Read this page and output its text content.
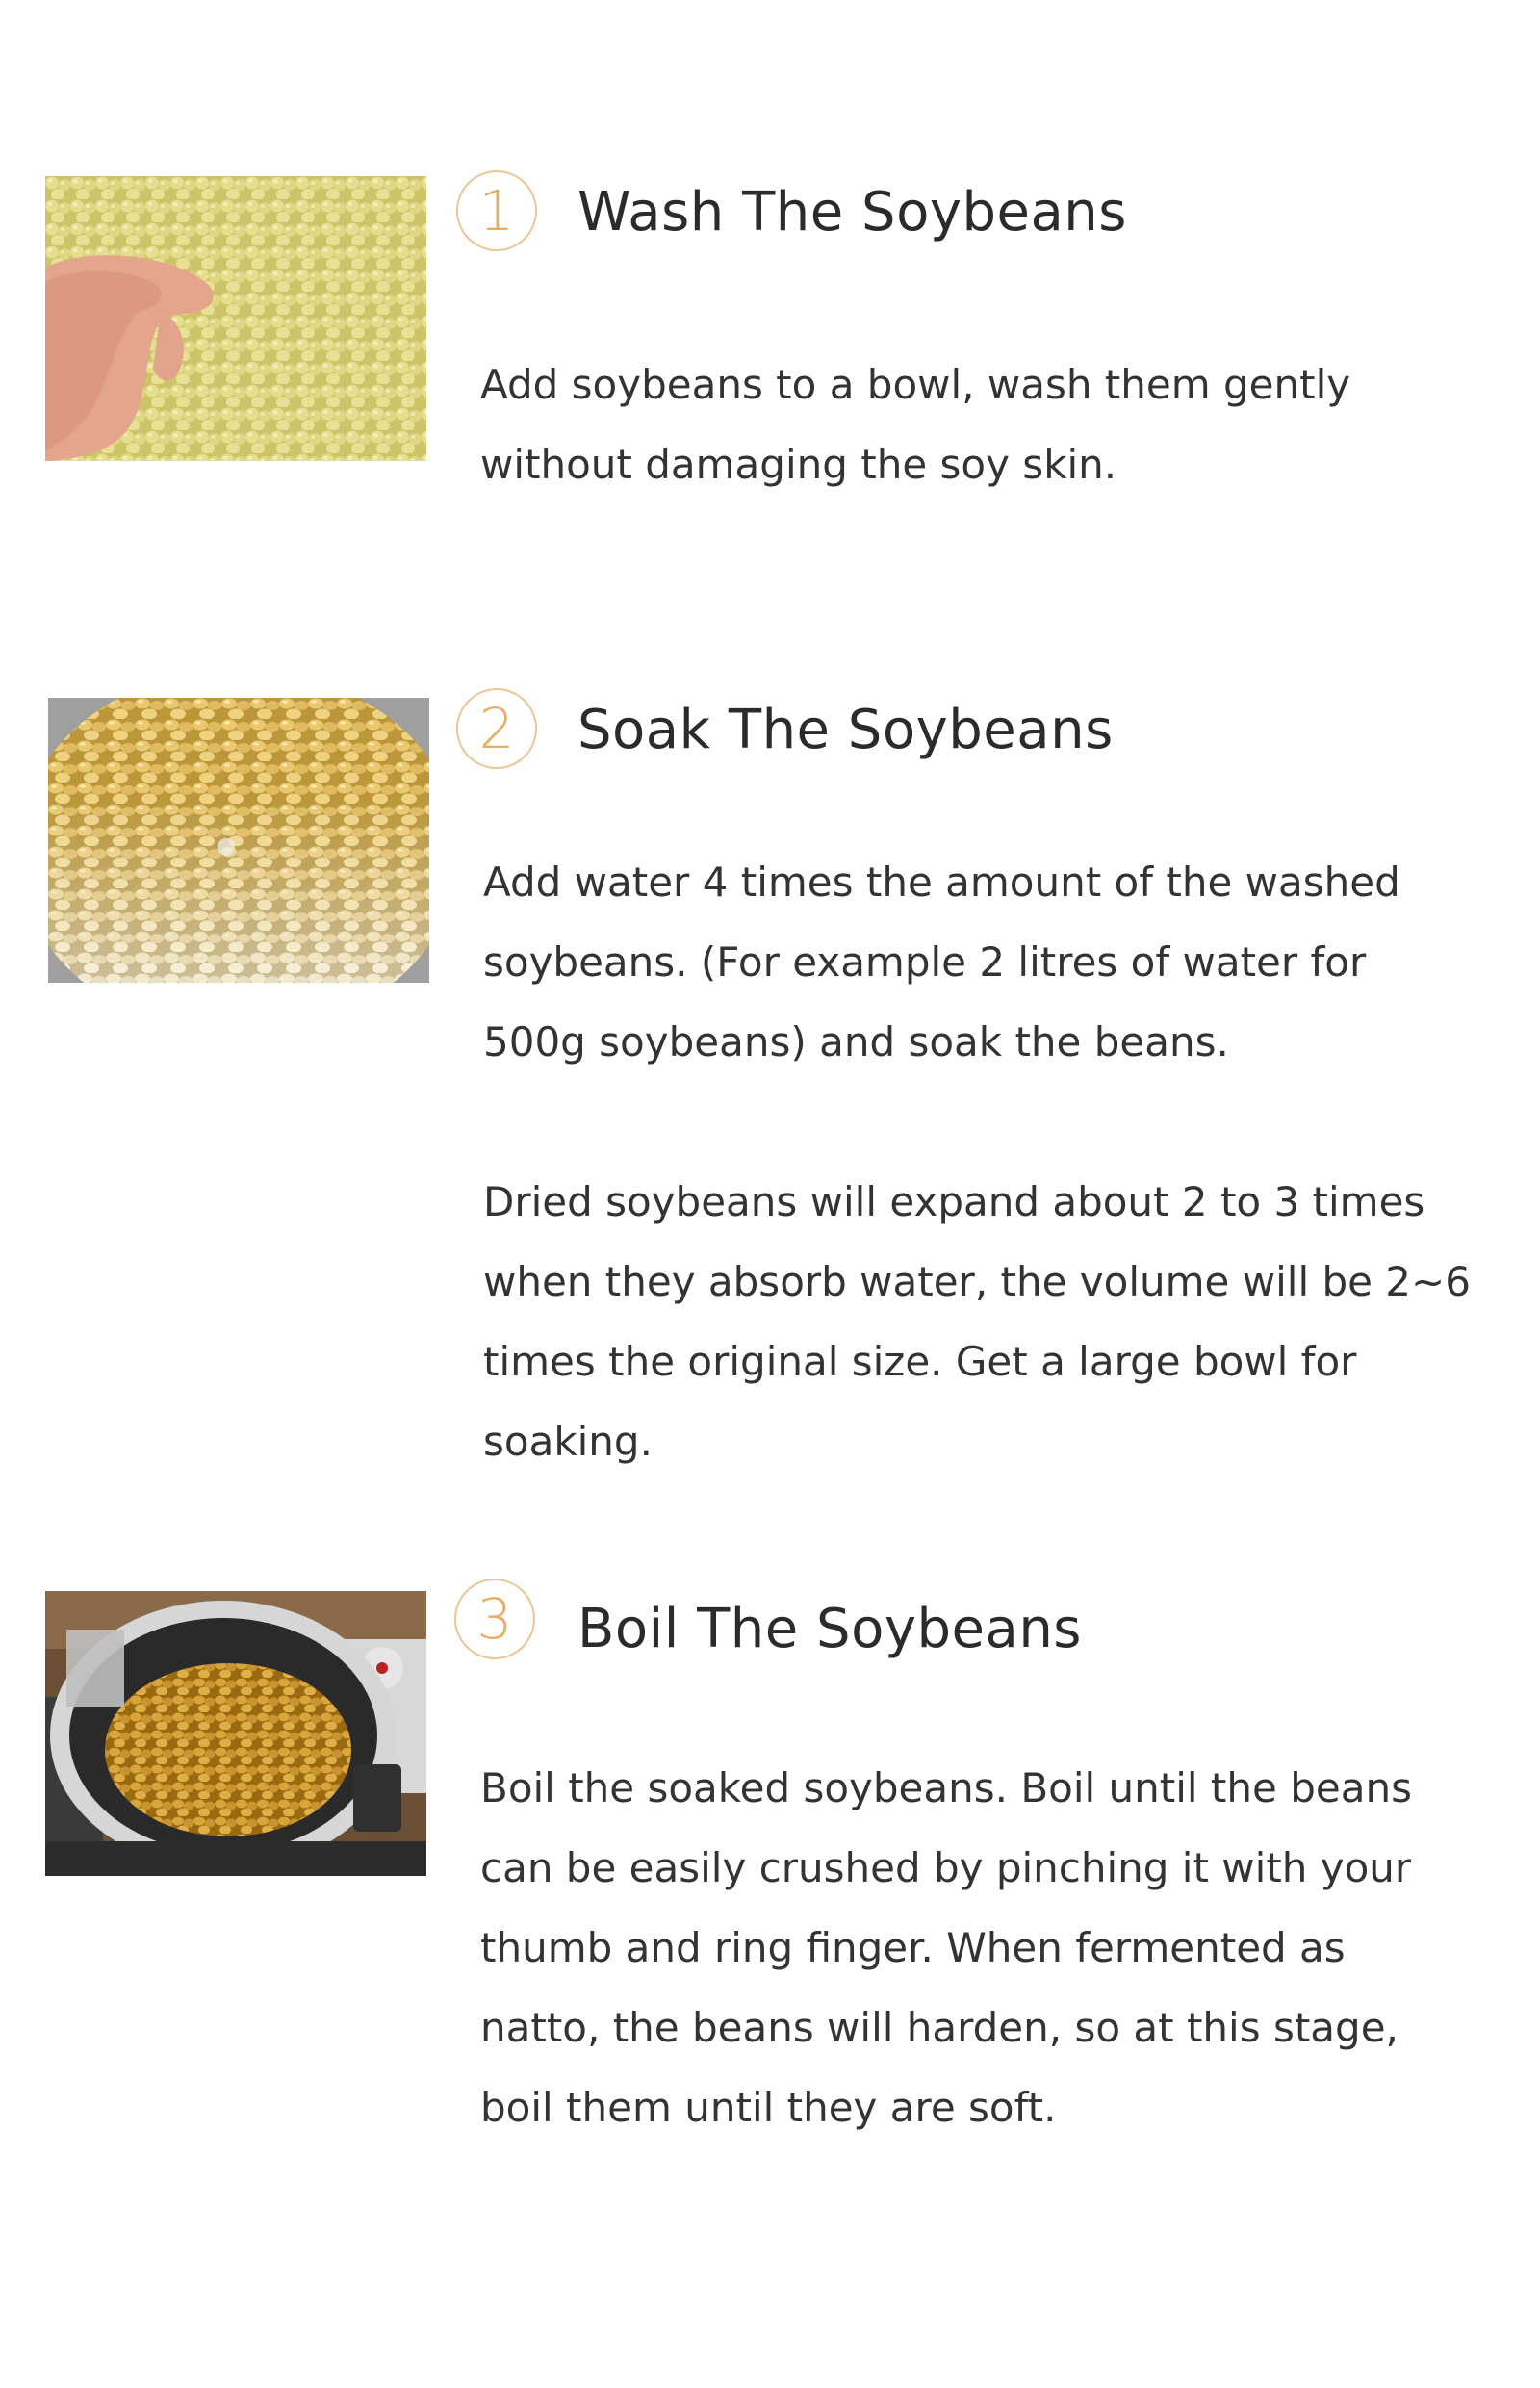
1	Wash The Soybeans

Add soybeans to a bowl, wash them gently without damaging the soy skin.

2	Soak The Soybeans

Add water 4 times the amount of the washed soybeans. (For example 2 litres of water for 500g soybeans) and soak the beans.

Dried soybeans will expand about 2 to 3 times when they absorb water, the volume will be 2~6 times the original size. Get a large bowl for soaking.

3	Boil The Soybeans

Boil the soaked soybeans. Boil until the beans can be easily crushed by pinching it with your thumb and ring finger. When fermented as natto, the beans will harden, so at this stage, boil them until they are soft.
